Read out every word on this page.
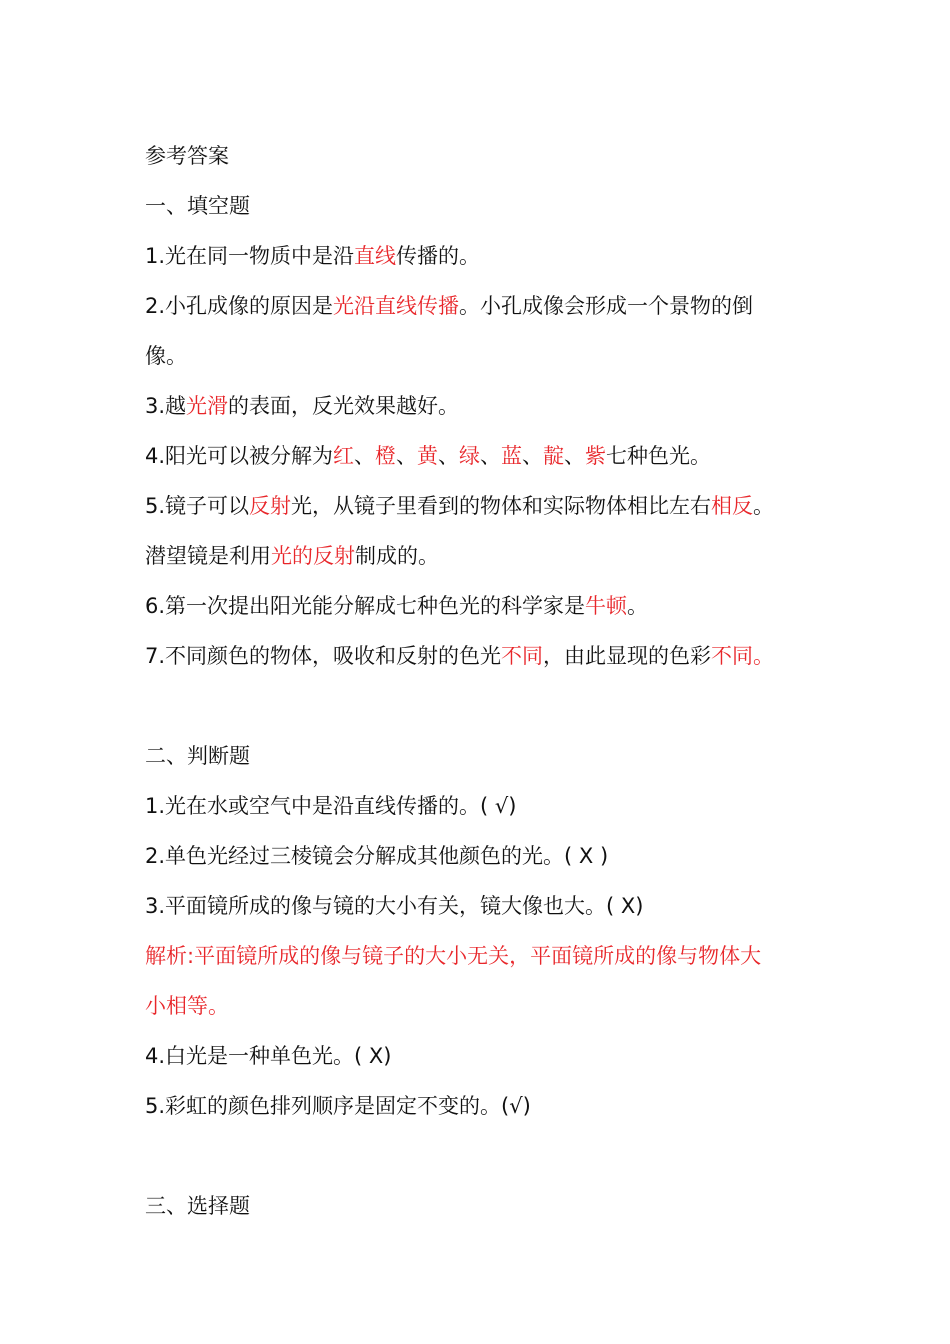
参考答案
一、填空题
1.光在同一物质中是沿直线传播的。
2.小孔成像的原因是光沿直线传播。小孔成像会形成一个景物的倒
像。
3.越光滑的表面，反光效果越好。
4.阳光可以被分解为红、橙、黄、绿、蓝、靛、紫七种色光。
5.镜子可以反射光，从镜子里看到的物体和实际物体相比左右相反。
潜望镜是利用光的反射制成的。
6.第一次提出阳光能分解成七种色光的科学家是牛顿。
7.不同颜色的物体，吸收和反射的色光不同，由此显现的色彩不同。
二、判断题
1.光在水或空气中是沿直线传播的。( √)
2.单色光经过三棱镜会分解成其他颜色的光。( X )
3.平面镜所成的像与镜的大小有关，镜大像也大。( X)
解析:平面镜所成的像与镜子的大小无关，平面镜所成的像与物体大
小相等。
4.白光是一种单色光。( X)
5.彩虹的颜色排列顺序是固定不变的。(√)
三、选择题
